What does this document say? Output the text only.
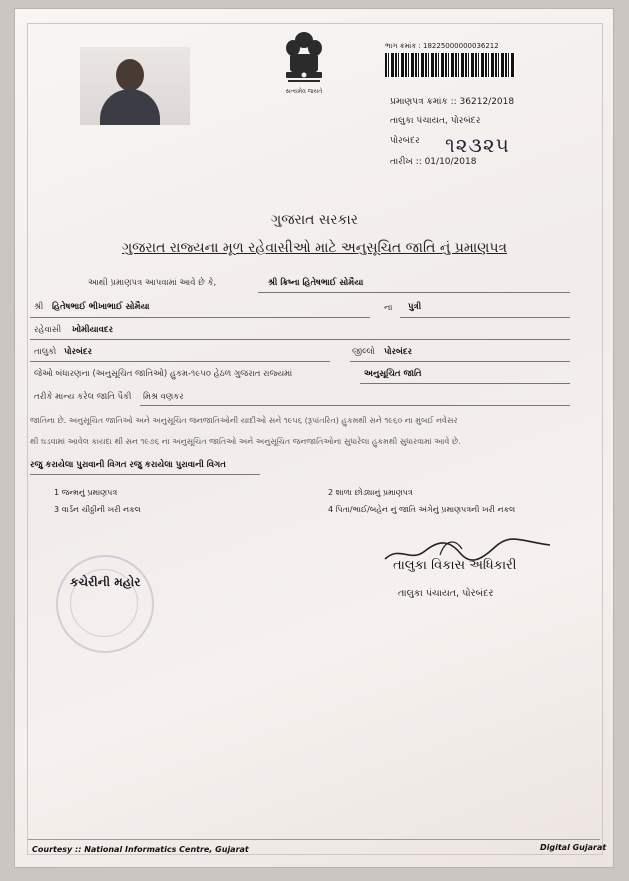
સત્યમેવ જયતે
ભાગ ક્રમાંક : 18225000000036212
પ્રમાણપત્ર ક્રમાંક :: 36212/2018
તાલુકા પંચાયત, પોરબંદર
પોરબંદર ૧૨૩૨૫
તારીખ :: 01/10/2018
ગુજરાત સરકાર
ગુજરાત રાજ્યના મૂળ રહેવાસીઓ માટે અનુસૂચિત જાતિ નું પ્રમાણપત્ર
આથી પ્રમાણપત્ર આપવામાં આવે છે કે,	શ્રી ક્રિષ્ના હિતેષભાઈ સોમૈયા
શ્રી હિતેષભાઈ ભીખાભાઈ સોમૈયા	ના પુત્રી
રહેવાસી ખોમીયાવદર
તાલુકો પોરબંદર	જીલ્લો પોરબંદર
જેઓ બંધારણના (અનુસૂચિત જાતિઓ) હુકમ-૧૯૫૦ હેઠળ ગુજરાત રાજ્યમાં	અનુસૂચિત જાતિ
તરીકે માન્ય કરેલ જાતિ પૈકી મિશ્ર વણકર
જાતિના છે. અનુસૂચિત જાતિઓ અને અનુસૂચિત જનજાતિઓની યાદીઓ સને ૧૯૫૬ (રૂપાંતરિત) હુકમથી સને ૧૯૬૦ ના મુંબઈ નવેસર
થી ઘડવામાં આવેલ કાયદા થી સન ૧૯૭૬ ના અનુસૂચિત જાતિઓ અને અનુસૂચિત જનજાતિઓના સુધારેલા હુકમથી સુધારવામાં આવે છે.
રજુ કરાયેલા પુરાવાની વિગત રજુ કરાયેલા પુરાવાની વિગત
1 જન્મનું પ્રમાણપત્ર	2 શાળા છોડ્યાનું પ્રમાણપત્ર
3 વાર્ડન ચીઠ્ઠીની ખરી નકલ	4 પિતા/ભાઈ/બહેન નું જાતિ અંગેનું પ્રમાણપત્રની ખરી નકલ
કચેરીની મહોર
તાલુકા વિકાસ અધિકારી
તાલુકા પંચાયત, પોરબંદર
Courtesy :: National Informatics Centre, Gujarat	Digital Gujarat
